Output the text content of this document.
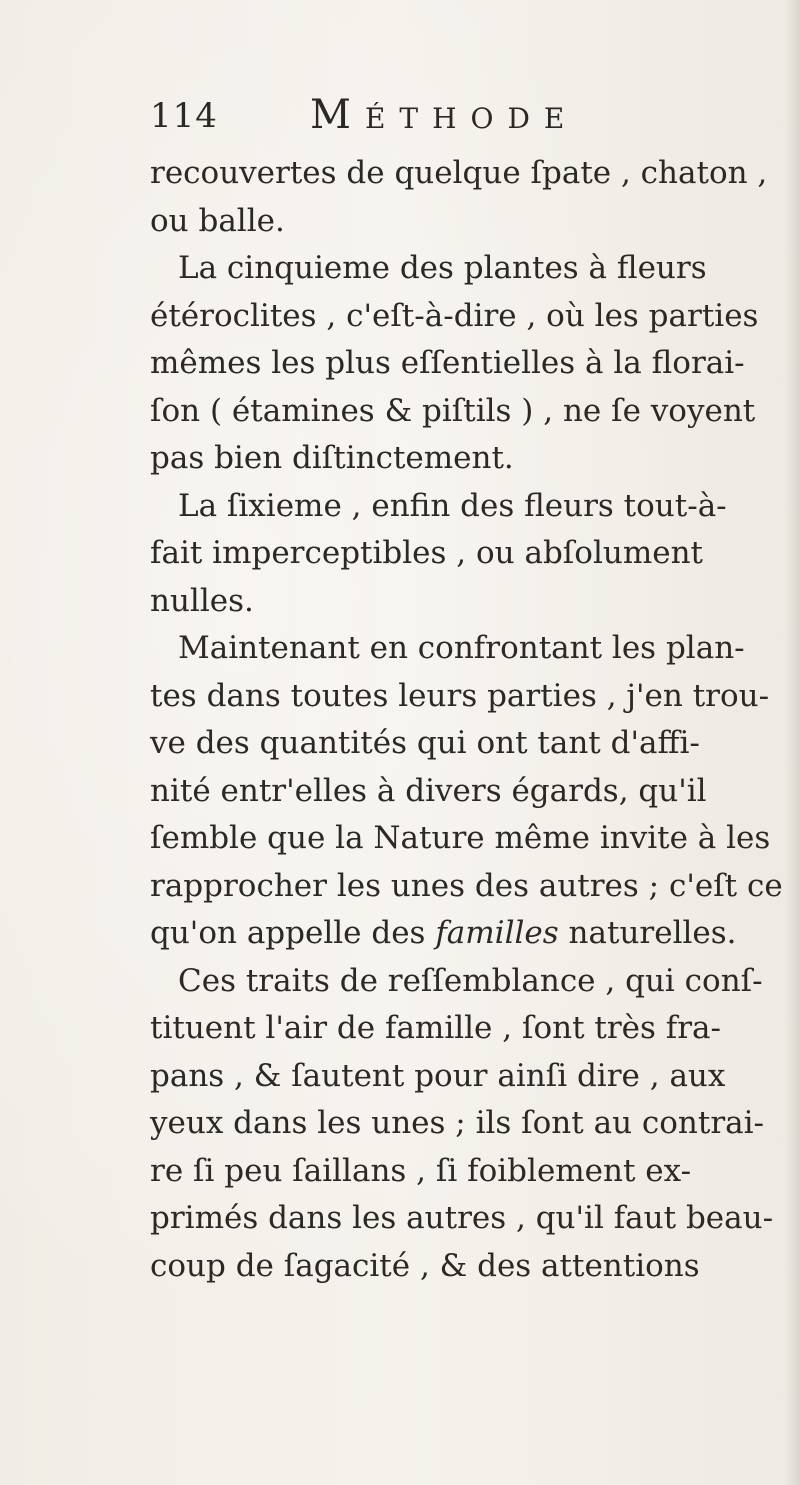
114 Méthode
recouvertes de quelque ſpate , chaton ,
ou balle.
La cinquieme des plantes à fleurs
étéroclites , c'eſt-à-dire , où les parties
mêmes les plus eſſentielles à la florai-
ſon ( étamines & piſtils ) , ne ſe voyent
pas bien diſtinctement.
La ſixieme , enfin des fleurs tout-à-
fait imperceptibles , ou abſolument
nulles.
Maintenant en confrontant les plan-
tes dans toutes leurs parties , j'en trou-
ve des quantités qui ont tant d'affi-
nité entr'elles à divers égards, qu'il
ſemble que la Nature même invite à les
rapprocher les unes des autres ; c'eſt ce
qu'on appelle des familles naturelles.
Ces traits de reſſemblance , qui conſ-
tituent l'air de famille , ſont très fra-
pans , & ſautent pour ainſi dire , aux
yeux dans les unes ; ils ſont au contrai-
re ſi peu ſaillans , ſi foiblement ex-
primés dans les autres , qu'il faut beau-
coup de ſagacité , & des attentions
